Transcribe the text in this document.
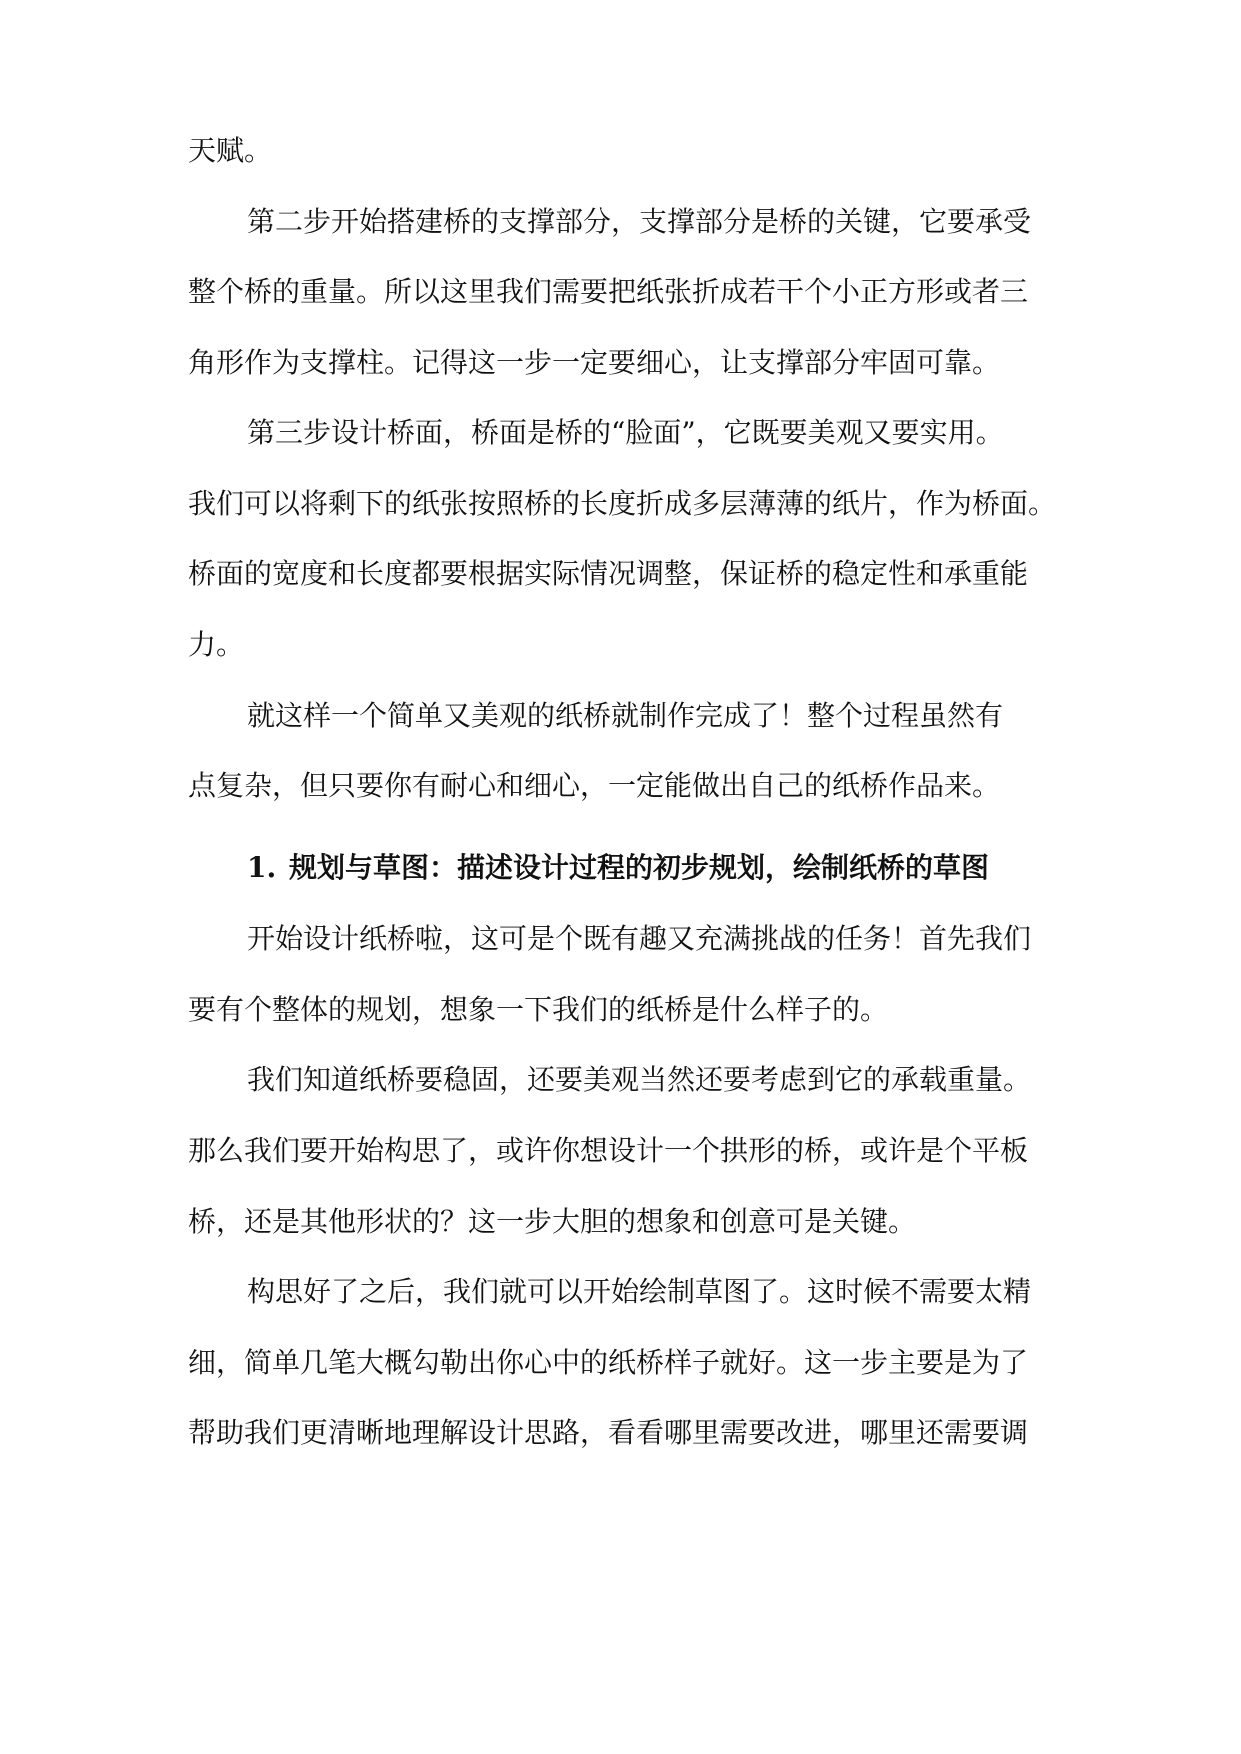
天赋。
第二步开始搭建桥的支撑部分，支撑部分是桥的关键，它要承受
整个桥的重量。所以这里我们需要把纸张折成若干个小正方形或者三
角形作为支撑柱。记得这一步一定要细心，让支撑部分牢固可靠。
第三步设计桥面，桥面是桥的“脸面”，它既要美观又要实用。
我们可以将剩下的纸张按照桥的长度折成多层薄薄的纸片，作为桥面。
桥面的宽度和长度都要根据实际情况调整，保证桥的稳定性和承重能
力。
就这样一个简单又美观的纸桥就制作完成了！整个过程虽然有
点复杂，但只要你有耐心和细心，一定能做出自己的纸桥作品来。
1. 规划与草图：描述设计过程的初步规划，绘制纸桥的草图
开始设计纸桥啦，这可是个既有趣又充满挑战的任务！首先我们
要有个整体的规划，想象一下我们的纸桥是什么样子的。
我们知道纸桥要稳固，还要美观当然还要考虑到它的承载重量。
那么我们要开始构思了，或许你想设计一个拱形的桥，或许是个平板
桥，还是其他形状的？这一步大胆的想象和创意可是关键。
构思好了之后，我们就可以开始绘制草图了。这时候不需要太精
细，简单几笔大概勾勒出你心中的纸桥样子就好。这一步主要是为了
帮助我们更清晰地理解设计思路，看看哪里需要改进，哪里还需要调
